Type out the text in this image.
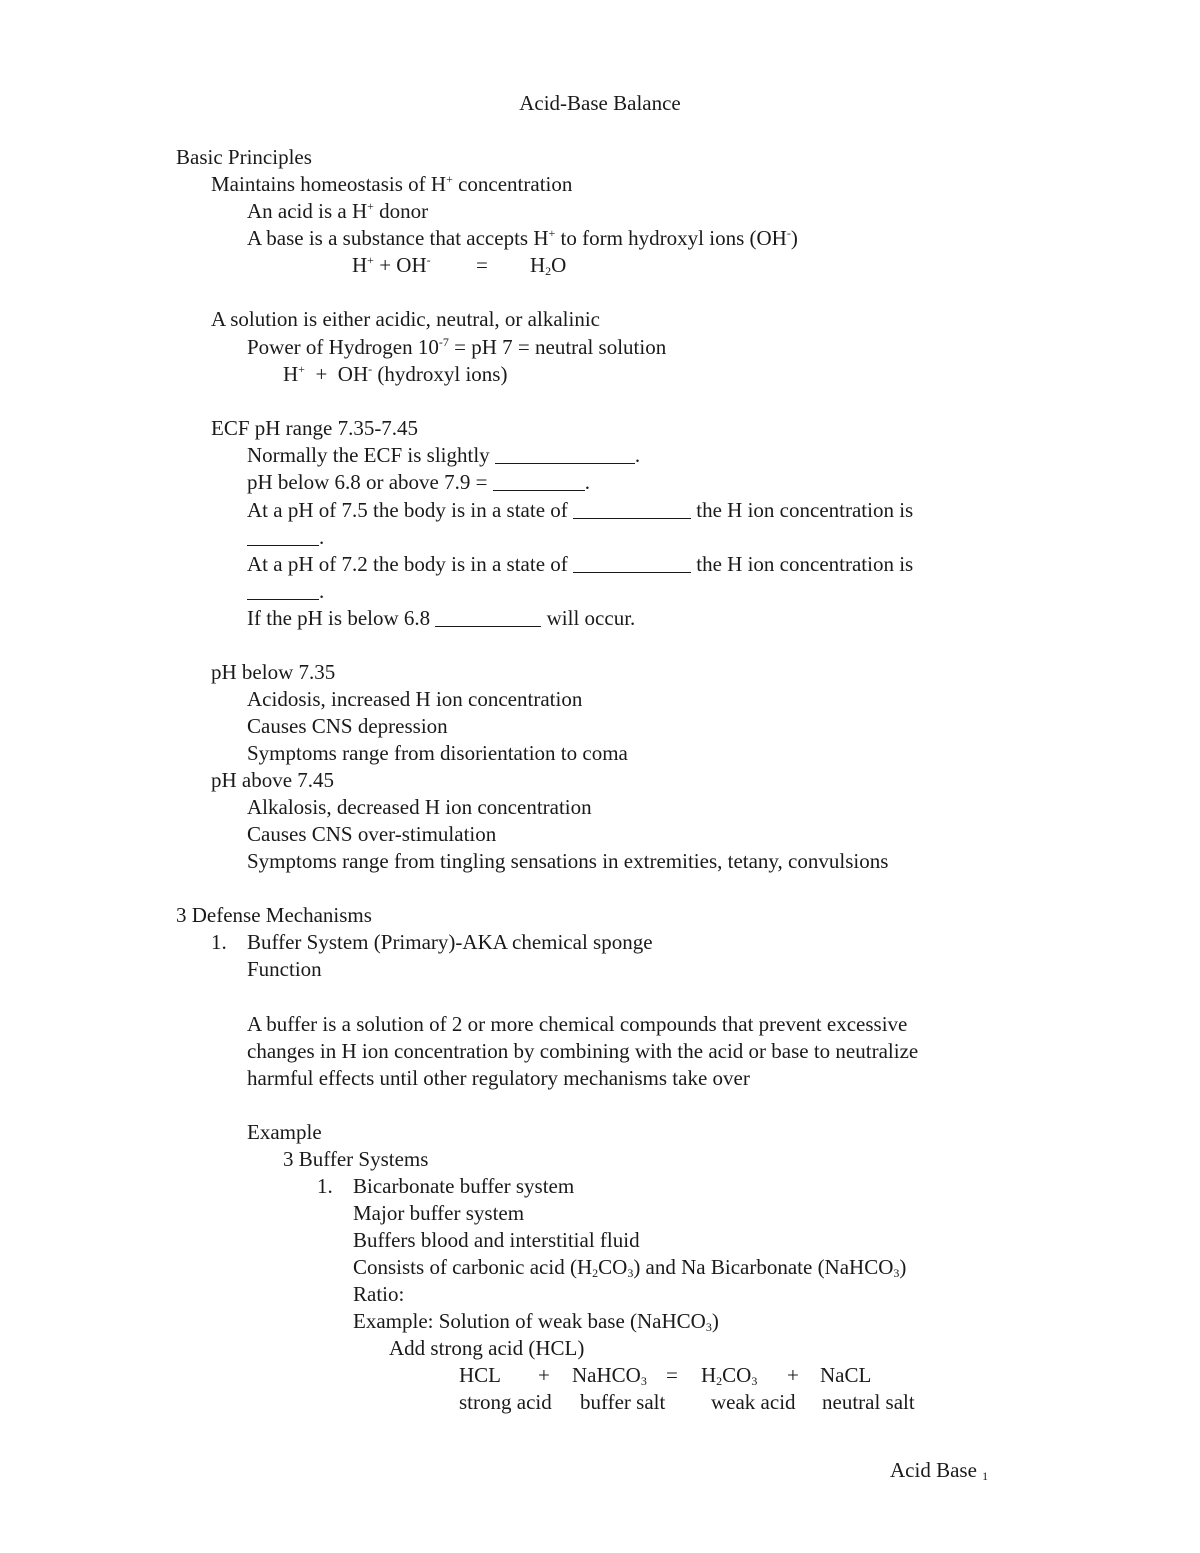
Acid-Base Balance
Basic Principles
Maintains homeostasis of H+ concentration
An acid is a H+ donor
A base is a substance that accepts H+ to form hydroxyl ions (OH-)
$H^+ + OH^- = H_2O$
A solution is either acidic, neutral, or alkalinic
Power of Hydrogen $10^{-7}$ = pH 7 = neutral solution
H+  +  OH- (hydroxyl ions)
ECF pH range 7.35-7.45
Normally the ECF is slightly	.
pH below 6.8 or above 7.9 =	.
At a pH of 7.5 the body is in a state of	the H ion concentration is
.
At a pH of 7.2 the body is in a state of	the H ion concentration is
.
If the pH is below 6.8	will occur.
pH below 7.35
Acidosis, increased H ion concentration
Causes CNS depression
Symptoms range from disorientation to coma
pH above 7.45
Alkalosis, decreased H ion concentration
Causes CNS over-stimulation
Symptoms range from tingling sensations in extremities, tetany, convulsions
3 Defense Mechanisms
1. Buffer System (Primary)-AKA chemical sponge
Function
A buffer is a solution of 2 or more chemical compounds that prevent excessive
changes in H ion concentration by combining with the acid or base to neutralize
harmful effects until other regulatory mechanisms take over
Example
3 Buffer Systems
1. Bicarbonate buffer system
Major buffer system
Buffers blood and interstitial fluid
Consists of carbonic acid $(H_2CO_3)$ and Na Bicarbonate (NaHCO$_3$)
Ratio:
Example: Solution of weak base (NaHCO$_3$)
Add strong acid (HCL)
HCL + NaHCO$_3$ = $H_2CO_3$ + NaCL
strong acid buffer salt weak acid neutral salt
Acid Base 1
